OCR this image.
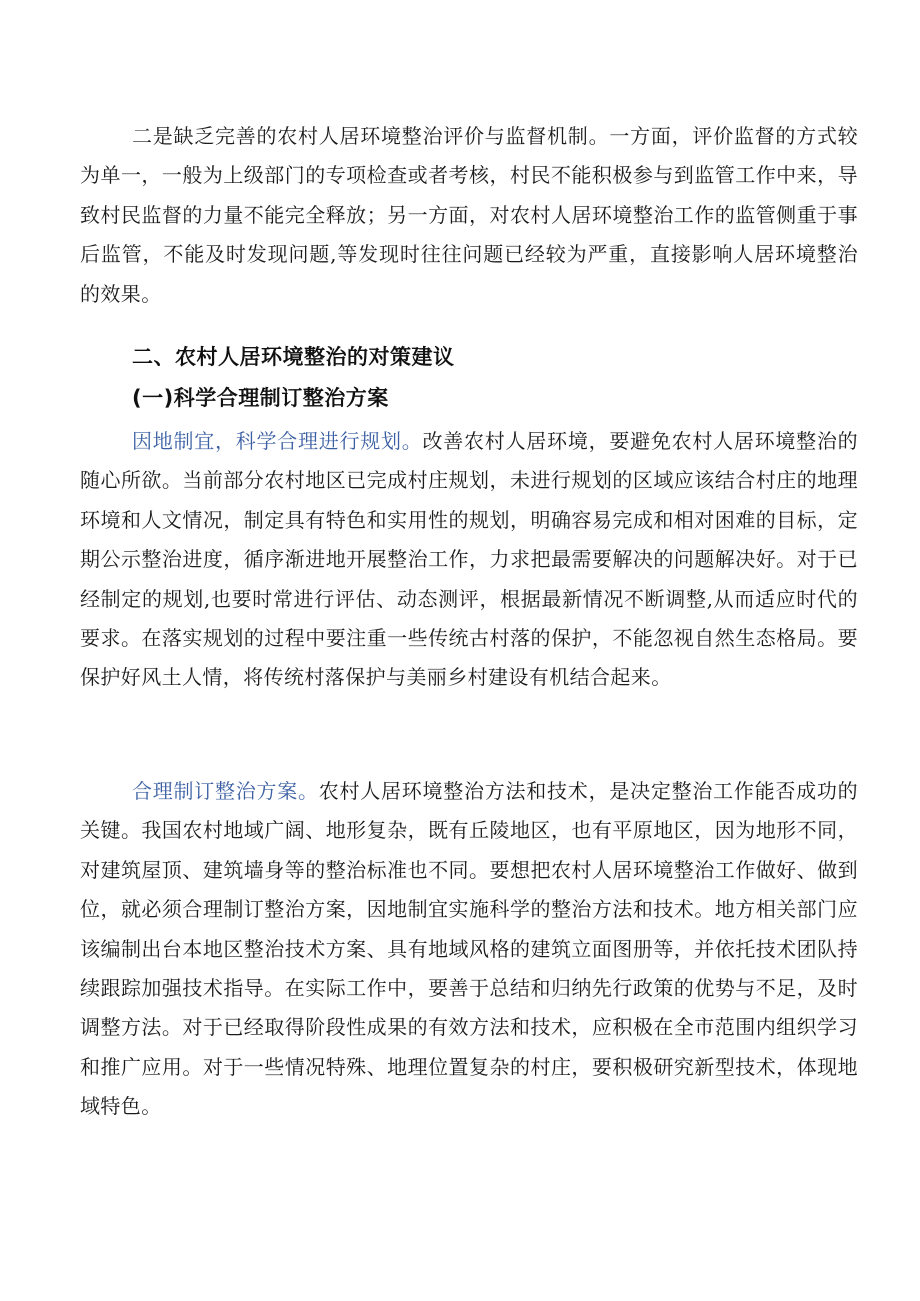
二是缺乏完善的农村人居环境整治评价与监督机制。一方面，评价监督的方式较为单一，一般为上级部门的专项检查或者考核，村民不能积极参与到监管工作中来，导致村民监督的力量不能完全释放；另一方面，对农村人居环境整治工作的监管侧重于事后监管，不能及时发现问题,等发现时往往问题已经较为严重，直接影响人居环境整治的效果。

二、农村人居环境整治的对策建议
(一)科学合理制订整治方案

因地制宜，科学合理进行规划。改善农村人居环境，要避免农村人居环境整治的随心所欲。当前部分农村地区已完成村庄规划，未进行规划的区域应该结合村庄的地理环境和人文情况，制定具有特色和实用性的规划，明确容易完成和相对困难的目标，定期公示整治进度，循序渐进地开展整治工作，力求把最需要解决的问题解决好。对于已经制定的规划,也要时常进行评估、动态测评，根据最新情况不断调整,从而适应时代的要求。在落实规划的过程中要注重一些传统古村落的保护，不能忽视自然生态格局。要保护好风土人情，将传统村落保护与美丽乡村建设有机结合起来。

合理制订整治方案。农村人居环境整治方法和技术，是决定整治工作能否成功的关键。我国农村地域广阔、地形复杂，既有丘陵地区，也有平原地区，因为地形不同，对建筑屋顶、建筑墙身等的整治标准也不同。要想把农村人居环境整治工作做好、做到位，就必须合理制订整治方案，因地制宜实施科学的整治方法和技术。地方相关部门应该编制出台本地区整治技术方案、具有地域风格的建筑立面图册等，并依托技术团队持续跟踪加强技术指导。在实际工作中，要善于总结和归纳先行政策的优势与不足，及时调整方法。对于已经取得阶段性成果的有效方法和技术，应积极在全市范围内组织学习和推广应用。对于一些情况特殊、地理位置复杂的村庄，要积极研究新型技术，体现地域特色。
